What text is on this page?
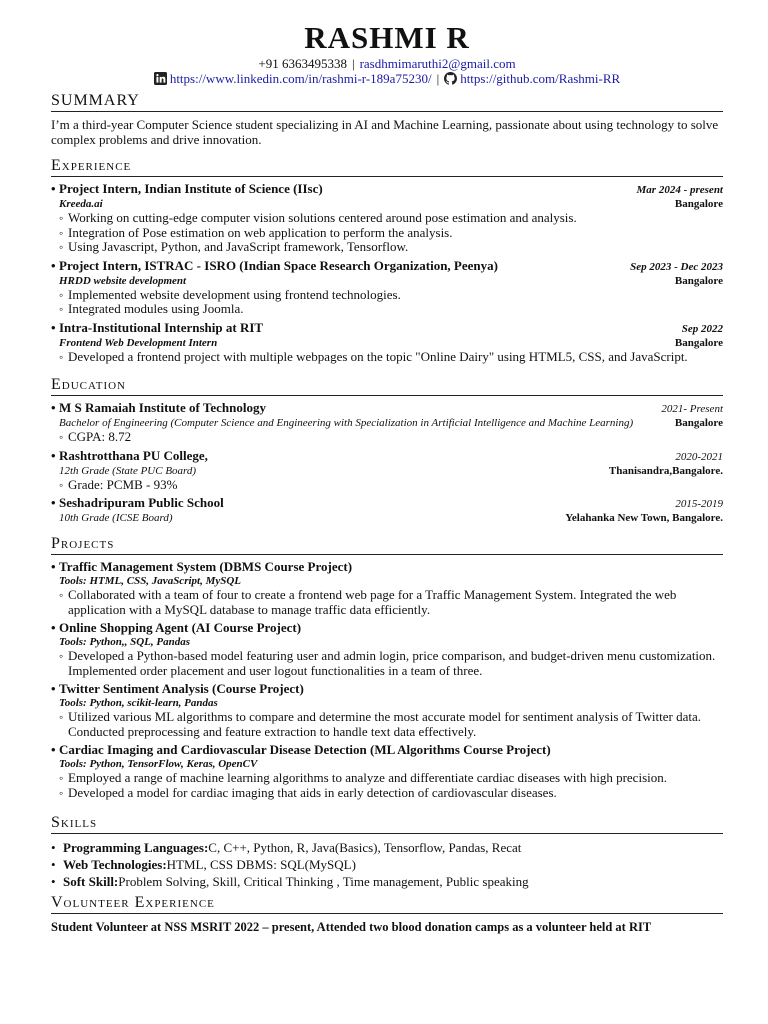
RASHMI R
+91 6363495338 | rasdhmimaruthi2@gmail.com
https://www.linkedin.com/in/rashmi-r-189a75230/ | https://github.com/Rashmi-RR
SUMMARY
I’m a third-year Computer Science student specializing in AI and Machine Learning, passionate about using technology to solve complex problems and drive innovation.
Experience
• Project Intern, Indian Institute of Science (IIsc)	Mar 2024 - present
Kreeda.ai	Bangalore
◦ Working on cutting-edge computer vision solutions centered around pose estimation and analysis.
◦ Integration of Pose estimation on web application to perform the analysis.
◦ Using Javascript, Python, and JavaScript framework, Tensorflow.
• Project Intern, ISTRAC - ISRO (Indian Space Research Organization, Peenya)	Sep 2023 - Dec 2023
HRDD website development	Bangalore
◦ Implemented website development using frontend technologies.
◦ Integrated modules using Joomla.
• Intra-Institutional Internship at RIT	Sep 2022
Frontend Web Development Intern	Bangalore
◦ Developed a frontend project with multiple webpages on the topic "Online Dairy" using HTML5, CSS, and JavaScript.
Education
• M S Ramaiah Institute of Technology	2021- Present
Bachelor of Engineering (Computer Science and Engineering with Specialization in Artificial Intelligence and Machine Learning)	Bangalore
◦ CGPA: 8.72
• Rashtrotthana PU College,	2020-2021
12th Grade (State PUC Board)	Thanisandra,Bangalore.
◦ Grade: PCMB - 93%
• Seshadripuram Public School	2015-2019
10th Grade (ICSE Board)	Yelahanka New Town, Bangalore.
Projects
• Traffic Management System (DBMS Course Project)
Tools: HTML, CSS, JavaScript, MySQL
◦ Collaborated with a team of four to create a frontend web page for a Traffic Management System. Integrated the web application with a MySQL database to manage traffic data efficiently.
• Online Shopping Agent (AI Course Project)
Tools: Python,, SQL, Pandas
◦ Developed a Python-based model featuring user and admin login, price comparison, and budget-driven menu customization. Implemented order placement and user logout functionalities in a team of three.
• Twitter Sentiment Analysis (Course Project)
Tools: Python, scikit-learn, Pandas
◦ Utilized various ML algorithms to compare and determine the most accurate model for sentiment analysis of Twitter data. Conducted preprocessing and feature extraction to handle text data effectively.
• Cardiac Imaging and Cardiovascular Disease Detection (ML Algorithms Course Project)
Tools: Python, TensorFlow, Keras, OpenCV
◦ Employed a range of machine learning algorithms to analyze and differentiate cardiac diseases with high precision.
◦ Developed a model for cardiac imaging that aids in early detection of cardiovascular diseases.
Skills
• Programming Languages:C, C++, Python, R, Java(Basics), Tensorflow, Pandas, Recat
• Web Technologies:HTML, CSS DBMS: SQL(MySQL)
• Soft Skill:Problem Solving, Skill, Critical Thinking , Time management, Public speaking
Volunteer Experience
Student Volunteer at NSS MSRIT 2022 – present, Attended two blood donation camps as a volunteer held at RIT
